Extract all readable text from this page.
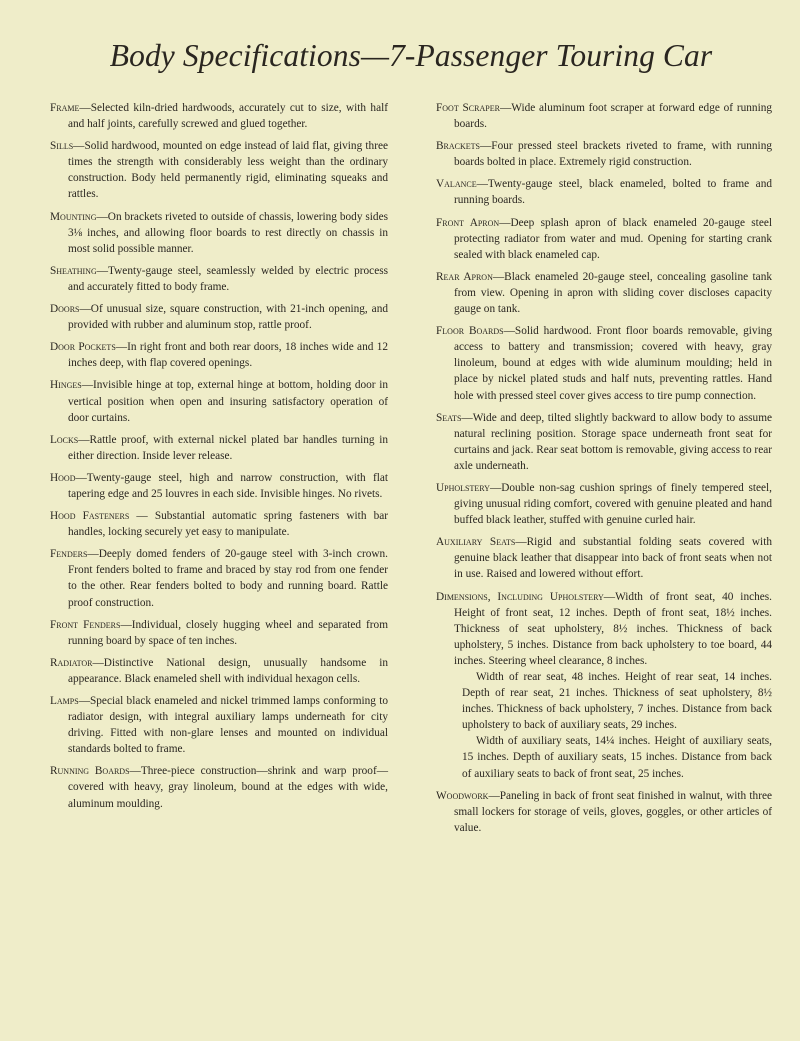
Body Specifications—7-Passenger Touring Car

Frame—Selected kiln-dried hardwoods, accurately cut to size, with half and half joints, carefully screwed and glued together.

Sills—Solid hardwood, mounted on edge instead of laid flat, giving three times the strength with considerably less weight than the ordinary construction. Body held permanently rigid, eliminating squeaks and rattles.

Mounting—On brackets riveted to outside of chassis, lowering body sides 3⅛ inches, and allowing floor boards to rest directly on chassis in most solid possible manner.

Sheathing—Twenty-gauge steel, seamlessly welded by electric process and accurately fitted to body frame.

Doors—Of unusual size, square construction, with 21-inch opening, and provided with rubber and aluminum stop, rattle proof.

Door Pockets—In right front and both rear doors, 18 inches wide and 12 inches deep, with flap covered openings.

Hinges—Invisible hinge at top, external hinge at bottom, holding door in vertical position when open and insuring satisfactory operation of door curtains.

Locks—Rattle proof, with external nickel plated bar handles turning in either direction. Inside lever release.

Hood—Twenty-gauge steel, high and narrow construction, with flat tapering edge and 25 louvres in each side. Invisible hinges. No rivets.

Hood Fasteners — Substantial automatic spring fasteners with bar handles, locking securely yet easy to manipulate.

Fenders—Deeply domed fenders of 20-gauge steel with 3-inch crown. Front fenders bolted to frame and braced by stay rod from one fender to the other. Rear fenders bolted to body and running board. Rattle proof construction.

Front Fenders—Individual, closely hugging wheel and separated from running board by space of ten inches.

Radiator—Distinctive National design, unusually handsome in appearance. Black enameled shell with individual hexagon cells.

Lamps—Special black enameled and nickel trimmed lamps conforming to radiator design, with integral auxiliary lamps underneath for city driving. Fitted with non-glare lenses and mounted on individual standards bolted to frame.

Running Boards—Three-piece construction—shrink and warp proof—covered with heavy, gray linoleum, bound at the edges with wide, aluminum moulding.

Foot Scraper—Wide aluminum foot scraper at forward edge of running boards.

Brackets—Four pressed steel brackets riveted to frame, with running boards bolted in place. Extremely rigid construction.

Valance—Twenty-gauge steel, black enameled, bolted to frame and running boards.

Front Apron—Deep splash apron of black enameled 20-gauge steel protecting radiator from water and mud. Opening for starting crank sealed with black enameled cap.

Rear Apron—Black enameled 20-gauge steel, concealing gasoline tank from view. Opening in apron with sliding cover discloses capacity gauge on tank.

Floor Boards—Solid hardwood. Front floor boards removable, giving access to battery and transmission; covered with heavy, gray linoleum, bound at edges with wide aluminum moulding; held in place by nickel plated studs and half nuts, preventing rattles. Hand hole with pressed steel cover gives access to tire pump connection.

Seats—Wide and deep, tilted slightly backward to allow body to assume natural reclining position. Storage space underneath front seat for curtains and jack. Rear seat bottom is removable, giving access to rear axle underneath.

Upholstery—Double non-sag cushion springs of finely tempered steel, giving unusual riding comfort, covered with genuine pleated and hand buffed black leather, stuffed with genuine curled hair.

Auxiliary Seats—Rigid and substantial folding seats covered with genuine black leather that disappear into back of front seats when not in use. Raised and lowered without effort.

Dimensions, Including Upholstery—Width of front seat, 40 inches. Height of front seat, 12 inches. Depth of front seat, 18½ inches. Thickness of seat upholstery, 8½ inches. Thickness of back upholstery, 5 inches. Distance from back upholstery to toe board, 44 inches. Steering wheel clearance, 8 inches.

Width of rear seat, 48 inches. Height of rear seat, 14 inches. Depth of rear seat, 21 inches. Thickness of seat upholstery, 8½ inches. Thickness of back upholstery, 7 inches. Distance from back upholstery to back of auxiliary seats, 29 inches.

Width of auxiliary seats, 14¼ inches. Height of auxiliary seats, 15 inches. Depth of auxiliary seats, 15 inches. Distance from back of auxiliary seats to back of front seat, 25 inches.

Woodwork—Paneling in back of front seat finished in walnut, with three small lockers for storage of veils, gloves, goggles, or other articles of value.
